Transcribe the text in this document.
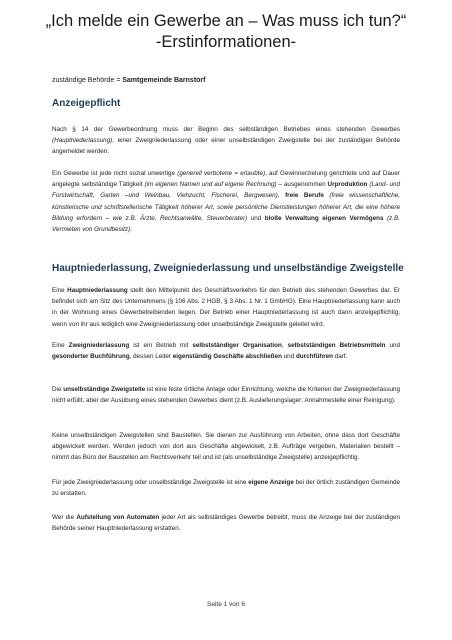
„Ich melde ein Gewerbe an – Was muss ich tun?“
-Erstinformationen-
zuständige Behörde = Samtgemeinde Barnstorf
Anzeigepflicht

Nach § 14 der Gewerbeordnung muss der Beginn des selbständigen Betriebes eines stehenden Gewerbes (Hauptniederlassung), einer Zweigniederlassung oder einer unselbständigen Zweigstelle bei der zuständigen Behörde angemeldet werden.

Ein Gewerbe ist jede nicht sozial unwertige (generell verbotene = erlaubte), auf Gewinnerzielung gerichtete und auf Dauer angelegte selbständige Tätigkeit (im eigenen Namen und auf eigene Rechnung) – ausgenommen Urproduktion (Land- und Forstwirtschaft, Garten –und Weinbau, Viehzucht, Fischerei, Bergwesen), freie Berufe (freie wissenschaftliche, künstlerische und schriftstellerische Tätigkeit höherer Art, sowie persönliche Dienstleistungen höherer Art, die eine höhere Bildung erfordern – wie z.B. Ärzte, Rechtsanwälte, Steuerberater) und bloße Verwaltung eigenen Vermögens (z.B. Vermieten von Grundbesitz).

Hauptniederlassung, Zweigniederlassung und unselbständige Zweigstelle

Eine Hauptniederlassung stellt den Mittelpunkt des Geschäftsverkehrs für den Betrieb des stehenden Gewerbes dar. Er befindet sich am Sitz des Unternehmens (§ 106 Abs. 2 HGB, § 3 Abs. 1 Nr. 1 GmbHG). Eine Hauptniederlassung kann auch in der Wohnung eines Gewerbetreibenden liegen. Der Betrieb einer Hauptniederlassung ist auch dann anzeigepflichtig, wenn von ihr aus lediglich eine Zweigniederlassung oder unselbständige Zweigstelle geleitet wird.

Eine Zweigniederlassung ist ein Betrieb mit selbstständiger Organisation, selbstständigen Betriebsmitteln und gesonderter Buchführung, dessen Leiter eigenständig Geschäfte abschließen und durchführen darf.

Die unselbständige Zweigstelle ist eine feste örtliche Anlage oder Einrichtung, welche die Kriterien der Zweigniederlassung nicht erfüllt, aber der Ausübung eines stehenden Gewerbes dient (z.B. Auslieferungslager; Annahmestelle einer Reinigung).

Keine unselbständigen Zweigstellen sind Baustellen. Sie dienen zur Ausführung von Arbeiten, ohne dass dort Geschäfte abgewickelt werden. Werden jedoch von dort aus Geschäfte abgewickelt, z.B. Aufträge vergeben, Materialien bestellt – nimmt das Büro der Baustellen am Rechtsverkehr teil und ist (als unselbständige Zweigstelle) anzeigepflichtig.

Für jede Zweigniederlassung oder unselbständige Zweigstelle ist eine eigene Anzeige bei der örtlich zuständigen Gemeinde zu erstatten.

Wer die Aufstellung von Automaten jeder Art als selbständiges Gewerbe betreibt, muss die Anzeige bei der zuständigen Behörde seiner Hauptniederlassung erstatten.

Seite 1 von 6
